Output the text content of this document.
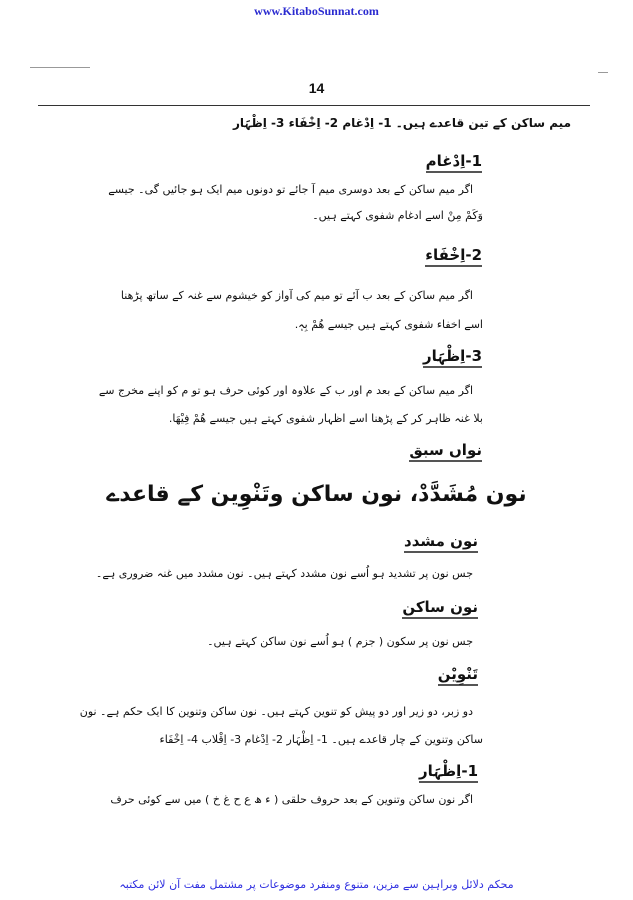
www.KitaboSunnat.com
14
میم ساکن کے تین قاعدے ہیں۔ 1- اِدْغام 2- اِخْفَاء 3- اِظْہَار
1-اِدْغام
اگر میم ساکن کے بعد دوسری میم آ جائے تو دونوں میم ایک ہو جائیں گی۔ جیسے
وَکَمْ مِنْ اسے ادغام شفوی کہتے ہیں۔
2-اِخْفَاء
اگر میم ساکن کے بعد ب آئے تو میم کی آواز کو خیشوم سے غنہ کے ساتھ پڑھنا
اسے اخفاء شفوی کہتے ہیں جیسے ھُمْ بِہٖ.
3-اِظْہَار
اگر میم ساکن کے بعد م اور ب کے علاوہ اور کوئی حرف ہو تو م کو اپنے مخرج سے
بلا غنہ ظاہر کر کے پڑھنا اسے اظہار شفوی کہتے ہیں جیسے ھُمْ فِیْھَا.
نواں سبق
نون مُشَدَّدْ، نون ساکن وتَنْوِین کے قاعدے
نون مشدد
جس نون پر تشدید ہو اُسے نون مشدد کہتے ہیں۔ نون مشدد میں غنہ ضروری ہے۔
نون ساکن
جس نون پر سکون ( جزم ) ہو اُسے نون ساکن کہتے ہیں۔
تَنْوِیْن
دو زبر، دو زیر اور دو پیش کو تنوین کہتے ہیں۔ نون ساکن وتنوین کا ایک حکم ہے۔ نون
ساکن وتنوین کے چار قاعدے ہیں۔ 1- اِظْہَار 2- اِدْغام 3- اِقْلاب 4- اِخْفَاء
1-اِظْہَار
اگر نون ساکن وتنوین کے بعد حروف حلقی ( ء ھ ع ح غ خ ) میں سے کوئی حرف
محکم دلائل وبراہین سے مزین، متنوع ومنفرد موضوعات پر مشتمل مفت آن لائن مکتبہ
